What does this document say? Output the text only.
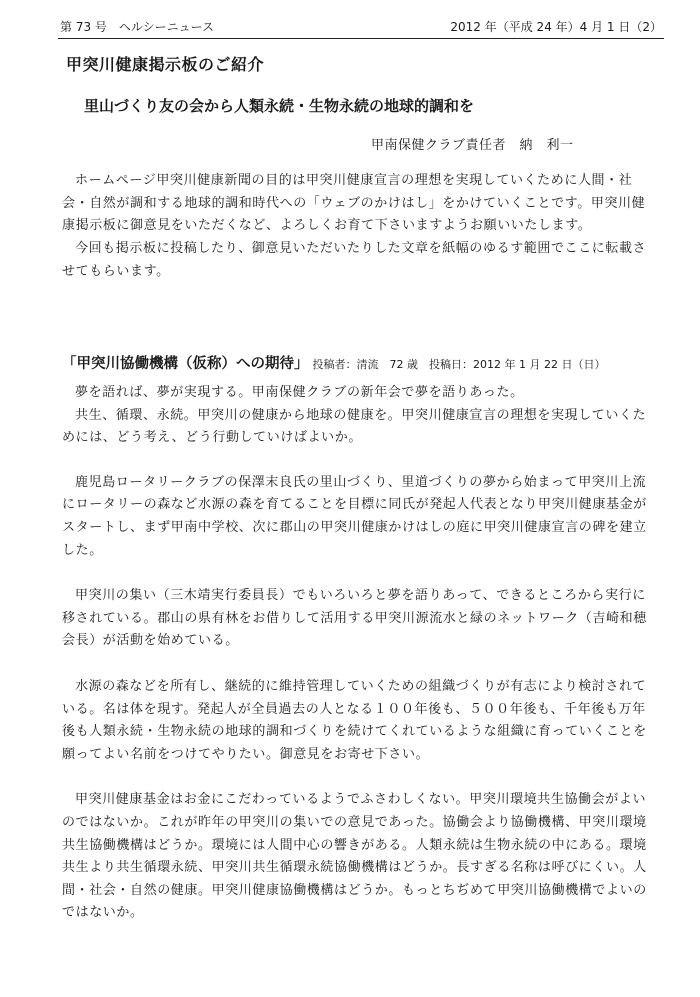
第 73 号　ヘルシーニュース	2012 年（平成 24 年）4 月 1 日（2）
甲突川健康掲示板のご紹介
里山づくり友の会から人類永続・生物永続の地球的調和を
甲南保健クラブ責任者　納　利一

ホームページ甲突川健康新聞の目的は甲突川健康宣言の理想を実現していくために人間・社会・自然が調和する地球的調和時代への「ウェブのかけはし」をかけていくことです。甲突川健康掲示板に御意見をいただくなど、よろしくお育て下さいますようお願いいたします。

今回も掲示板に投稿したり、御意見いただいたりした文章を紙幅のゆるす範囲でここに転載させてもらいます。

「甲突川協働機構（仮称）への期待」 投稿者：清流　72 歳　投稿日：2012 年 1 月 22 日（日）

夢を語れば、夢が実現する。甲南保健クラブの新年会で夢を語りあった。

共生、循環、永続。甲突川の健康から地球の健康を。甲突川健康宣言の理想を実現していくためには、どう考え、どう行動していけばよいか。

鹿児島ロータリークラブの保澤末良氏の里山づくり、里道づくりの夢から始まって甲突川上流にロータリーの森など水源の森を育てることを目標に同氏が発起人代表となり甲突川健康基金がスタートし、まず甲南中学校、次に郡山の甲突川健康かけはしの庭に甲突川健康宣言の碑を建立した。

甲突川の集い（三木靖実行委員長）でもいろいろと夢を語りあって、できるところから実行に移されている。郡山の県有林をお借りして活用する甲突川源流水と緑のネットワーク（吉崎和穂会長）が活動を始めている。

水源の森などを所有し、継続的に維持管理していくための組織づくりが有志により検討されている。名は体を現す。発起人が全員過去の人となる１００年後も、５００年後も、千年後も万年後も人類永続・生物永続の地球的調和づくりを続けてくれているような組織に育っていくことを願ってよい名前をつけてやりたい。御意見をお寄せ下さい。

甲突川健康基金はお金にこだわっているようでふさわしくない。甲突川環境共生協働会がよいのではないか。これが昨年の甲突川の集いでの意見であった。協働会より協働機構、甲突川環境共生協働機構はどうか。環境には人間中心の響きがある。人類永続は生物永続の中にある。環境共生より共生循環永続、甲突川共生循環永続協働機構はどうか。長すぎる名称は呼びにくい。人間・社会・自然の健康。甲突川健康協働機構はどうか。もっとちぢめて甲突川協働機構でよいのではないか。
